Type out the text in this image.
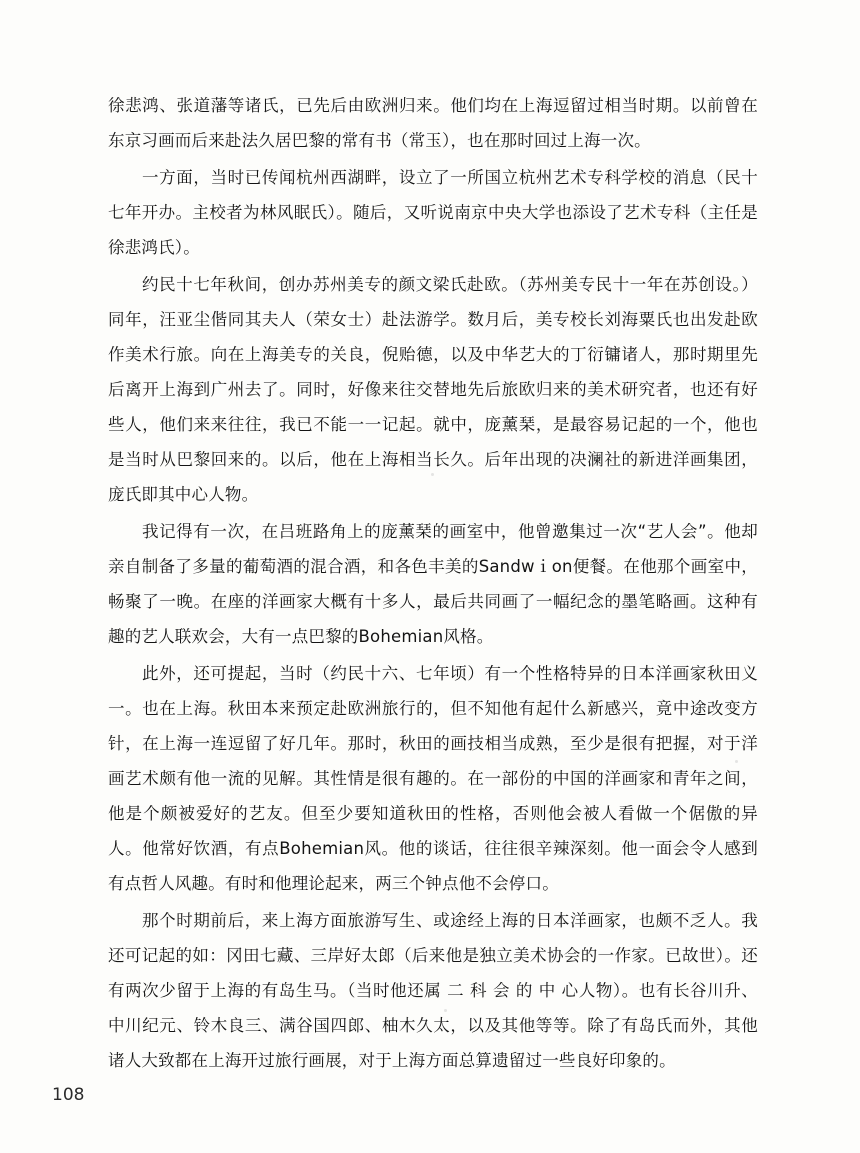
徐悲鸿、张道藩等诸氏，已先后由欧洲归来。他们均在上海逗留过相当时期。以前曾在东京习画而后来赴法久居巴黎的常有书（常玉），也在那时回过上海一次。

一方面，当时已传闻杭州西湖畔，设立了一所国立杭州艺术专科学校的消息（民十七年开办。主校者为林风眠氏）。随后，又听说南京中央大学也添设了艺术专科（主任是徐悲鸿氏）。

约民十七年秋间，创办苏州美专的颜文梁氏赴欧。（苏州美专民十一年在苏创设。）同年，汪亚尘偕同其夫人（荣女士）赴法游学。数月后，美专校长刘海粟氏也出发赴欧作美术行旅。向在上海美专的关良，倪贻德，以及中华艺大的丁衍镛诸人，那时期里先后离开上海到广州去了。同时，好像来往交替地先后旅欧归来的美术研究者，也还有好些人，他们来来往往，我已不能一一记起。就中，庞薰琹，是最容易记起的一个，他也是当时从巴黎回来的。以后，他在上海相当长久。后年出现的决澜社的新进洋画集团，庞氏即其中心人物。

我记得有一次，在吕班路角上的庞薰琹的画室中，他曾邀集过一次“艺人会”。他却亲自制备了多量的葡萄酒的混合酒，和各色丰美的Sandwｉon便餐。在他那个画室中，畅聚了一晚。在座的洋画家大概有十多人，最后共同画了一幅纪念的墨笔略画。这种有趣的艺人联欢会，大有一点巴黎的Bohemian风格。

此外，还可提起，当时（约民十六、七年顷）有一个性格特异的日本洋画家秋田义一。也在上海。秋田本来预定赴欧洲旅行的，但不知他有起什么新感兴，竟中途改变方针，在上海一连逗留了好几年。那时，秋田的画技相当成熟，至少是很有把握，对于洋画艺术颇有他一流的见解。其性情是很有趣的。在一部份的中国的洋画家和青年之间，他是个颇被爱好的艺友。但至少要知道秋田的性格，否则他会被人看做一个倨傲的异人。他常好饮酒，有点Bohemian风。他的谈话，往往很辛辣深刻。他一面会令人感到有点哲人风趣。有时和他理论起来，两三个钟点他不会停口。

那个时期前后，来上海方面旅游写生、或途经上海的日本洋画家，也颇不乏人。我还可记起的如：冈田七藏、三岸好太郎（后来他是独立美术协会的一作家。已故世）。还有两次少留于上海的有岛生马。（当时他还属 二 科 会 的 中 心人物）。也有长谷川升、中川纪元、铃木良三、满谷国四郎、柚木久太，以及其他等等。除了有岛氏而外，其他诸人大致都在上海开过旅行画展，对于上海方面总算遗留过一些良好印象的。

108
